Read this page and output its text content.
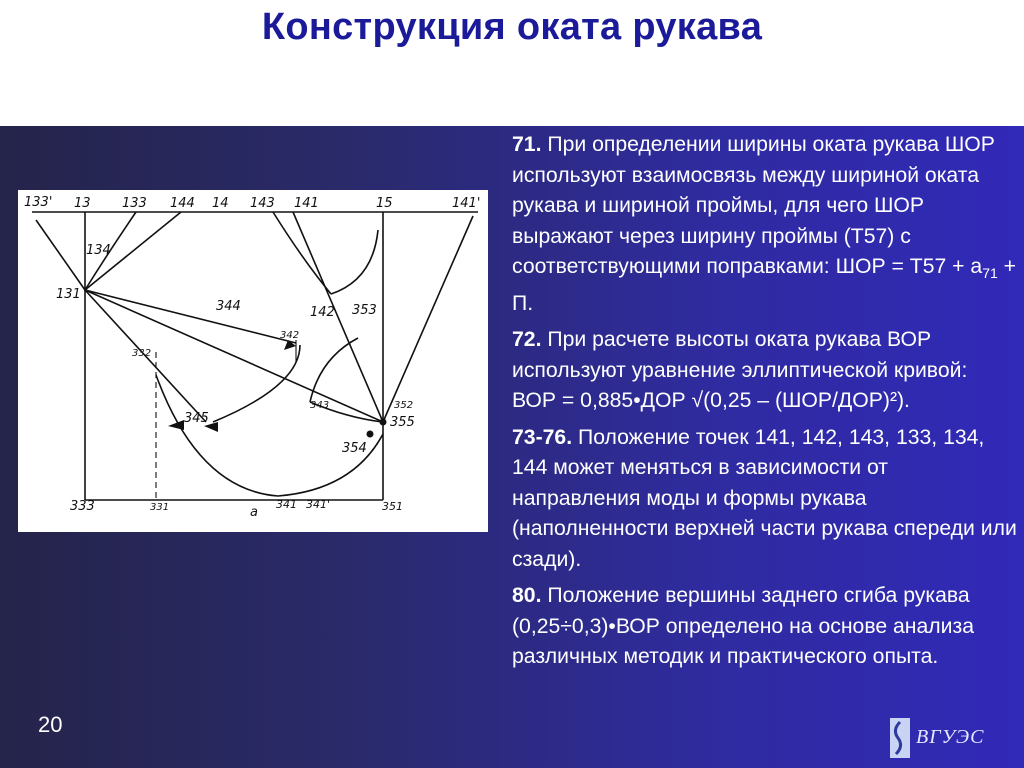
Конструкция оката рукава
133' 13 133 144 14 143 141	15	141'
134
131
344
342
142 353
332
343	352
345	355
354
333	331	341 341'	351
а

71. При определении ширины оката рукава ШОР используют взаимосвязь между шириной оката рукава и шириной проймы, для чего ШОР выражают через ширину проймы (Т57) с соответствующими поправками: ШОР = $Т57 + а_{71} + П$.

72. При расчете высоты оката рукава ВОР используют уравнение эллиптической кривой: ВОР = 0,885•ДОР √(0,25 – (ШОР/ДОР)²).

73-76. Положение точек 141, 142, 143, 133, 134, 144 может меняться в зависимости от направления моды и формы рукава (наполненности верхней части рукава спереди или сзади).

80. Положение вершины заднего сгиба рукава (0,25÷0,3)•ВОР определено на основе анализа различных методик и практического опыта.

20	ВГУЭС
